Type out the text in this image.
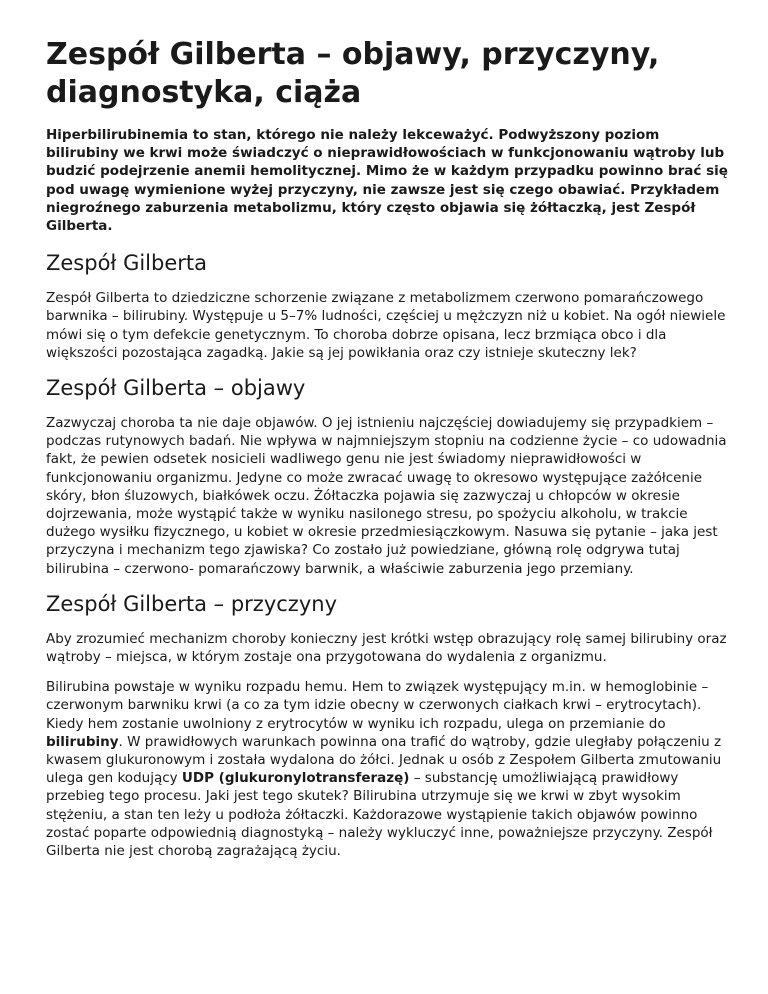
Zespół Gilberta – objawy, przyczyny, diagnostyka, ciąża

Hiperbilirubinemia to stan, którego nie należy lekceważyć. Podwyższony poziom bilirubiny we krwi może świadczyć o nieprawidłowościach w funkcjonowaniu wątroby lub budzić podejrzenie anemii hemolitycznej. Mimo że w każdym przypadku powinno brać się pod uwagę wymienione wyżej przyczyny, nie zawsze jest się czego obawiać. Przykładem niegroźnego zaburzenia metabolizmu, który często objawia się żółtaczką, jest Zespół Gilberta.

Zespół Gilberta

Zespół Gilberta to dziedziczne schorzenie związane z metabolizmem czerwono pomarańczowego barwnika – bilirubiny. Występuje u 5–7% ludności, częściej u mężczyzn niż u kobiet. Na ogół niewiele mówi się o tym defekcie genetycznym. To choroba dobrze opisana, lecz brzmiąca obco i dla większości pozostająca zagadką. Jakie są jej powikłania oraz czy istnieje skuteczny lek?

Zespół Gilberta – objawy

Zazwyczaj choroba ta nie daje objawów. O jej istnieniu najczęściej dowiadujemy się przypadkiem – podczas rutynowych badań. Nie wpływa w najmniejszym stopniu na codzienne życie – co udowadnia fakt, że pewien odsetek nosicieli wadliwego genu nie jest świadomy nieprawidłowości w funkcjonowaniu organizmu. Jedyne co może zwracać uwagę to okresowo występujące zażółcenie skóry, błon śluzowych, białkówek oczu. Żółtaczka pojawia się zazwyczaj u chłopców w okresie dojrzewania, może wystąpić także w wyniku nasilonego stresu, po spożyciu alkoholu, w trakcie dużego wysiłku fizycznego, u kobiet w okresie przedmiesiączkowym. Nasuwa się pytanie – jaka jest przyczyna i mechanizm tego zjawiska? Co zostało już powiedziane, główną rolę odgrywa tutaj bilirubina – czerwono- pomarańczowy barwnik, a właściwie zaburzenia jego przemiany.

Zespół Gilberta – przyczyny

Aby zrozumieć mechanizm choroby konieczny jest krótki wstęp obrazujący rolę samej bilirubiny oraz wątroby – miejsca, w którym zostaje ona przygotowana do wydalenia z organizmu.

Bilirubina powstaje w wyniku rozpadu hemu. Hem to związek występujący m.in. w hemoglobinie – czerwonym barwniku krwi (a co za tym idzie obecny w czerwonych ciałkach krwi – erytrocytach). Kiedy hem zostanie uwolniony z erytrocytów w wyniku ich rozpadu, ulega on przemianie do bilirubiny. W prawidłowych warunkach powinna ona trafić do wątroby, gdzie uległaby połączeniu z kwasem glukuronowym i została wydalona do żółci. Jednak u osób z Zespołem Gilberta zmutowaniu ulega gen kodujący UDP (glukuronylotransferazę) – substancję umożliwiającą prawidłowy przebieg tego procesu. Jaki jest tego skutek? Bilirubina utrzymuje się we krwi w zbyt wysokim stężeniu, a stan ten leży u podłoża żółtaczki. Każdorazowe wystąpienie takich objawów powinno zostać poparte odpowiednią diagnostyką – należy wykluczyć inne, poważniejsze przyczyny. Zespół Gilberta nie jest chorobą zagrażającą życiu.
